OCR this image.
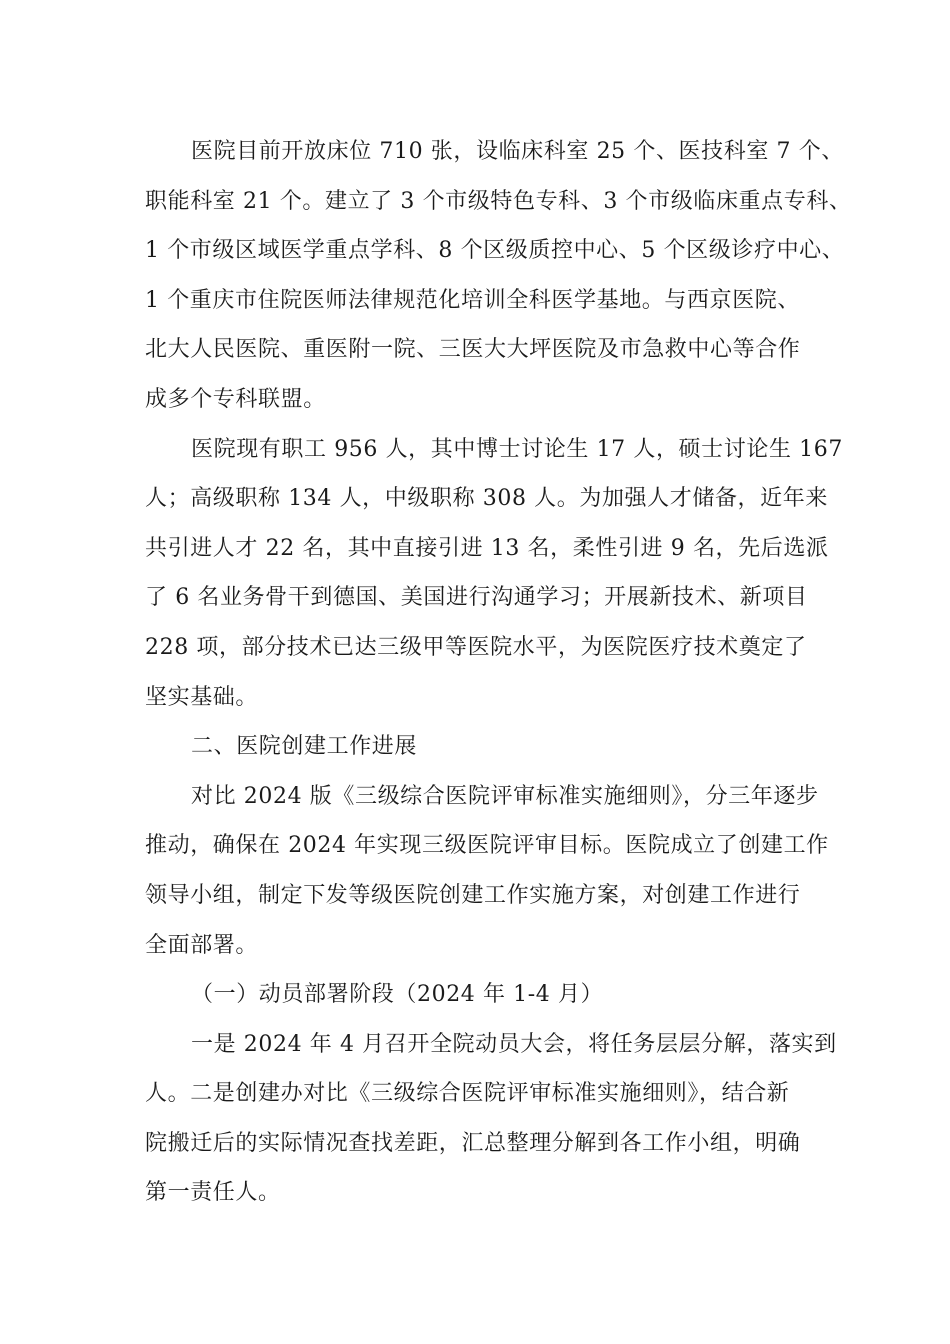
医院目前开放床位 710 张，设临床科室 25 个、医技科室 7 个、
职能科室 21 个。建立了 3 个市级特色专科、3 个市级临床重点专科、
1 个市级区域医学重点学科、8 个区级质控中心、5 个区级诊疗中心、
1 个重庆市住院医师法律规范化培训全科医学基地。与西京医院、
北大人民医院、重医附一院、三医大大坪医院及市急救中心等合作
成多个专科联盟。
医院现有职工 956 人，其中博士讨论生 17 人，硕士讨论生 167
人；高级职称 134 人，中级职称 308 人。为加强人才储备，近年来
共引进人才 22 名，其中直接引进 13 名，柔性引进 9 名，先后选派
了 6 名业务骨干到德国、美国进行沟通学习；开展新技术、新项目
228 项，部分技术已达三级甲等医院水平，为医院医疗技术奠定了
坚实基础。
二、医院创建工作进展
对比 2024 版《三级综合医院评审标准实施细则》，分三年逐步
推动，确保在 2024 年实现三级医院评审目标。医院成立了创建工作
领导小组，制定下发等级医院创建工作实施方案，对创建工作进行
全面部署。
（一）动员部署阶段（2024 年 1-4 月）
一是 2024 年 4 月召开全院动员大会，将任务层层分解，落实到
人。二是创建办对比《三级综合医院评审标准实施细则》，结合新
院搬迁后的实际情况查找差距，汇总整理分解到各工作小组，明确
第一责任人。
